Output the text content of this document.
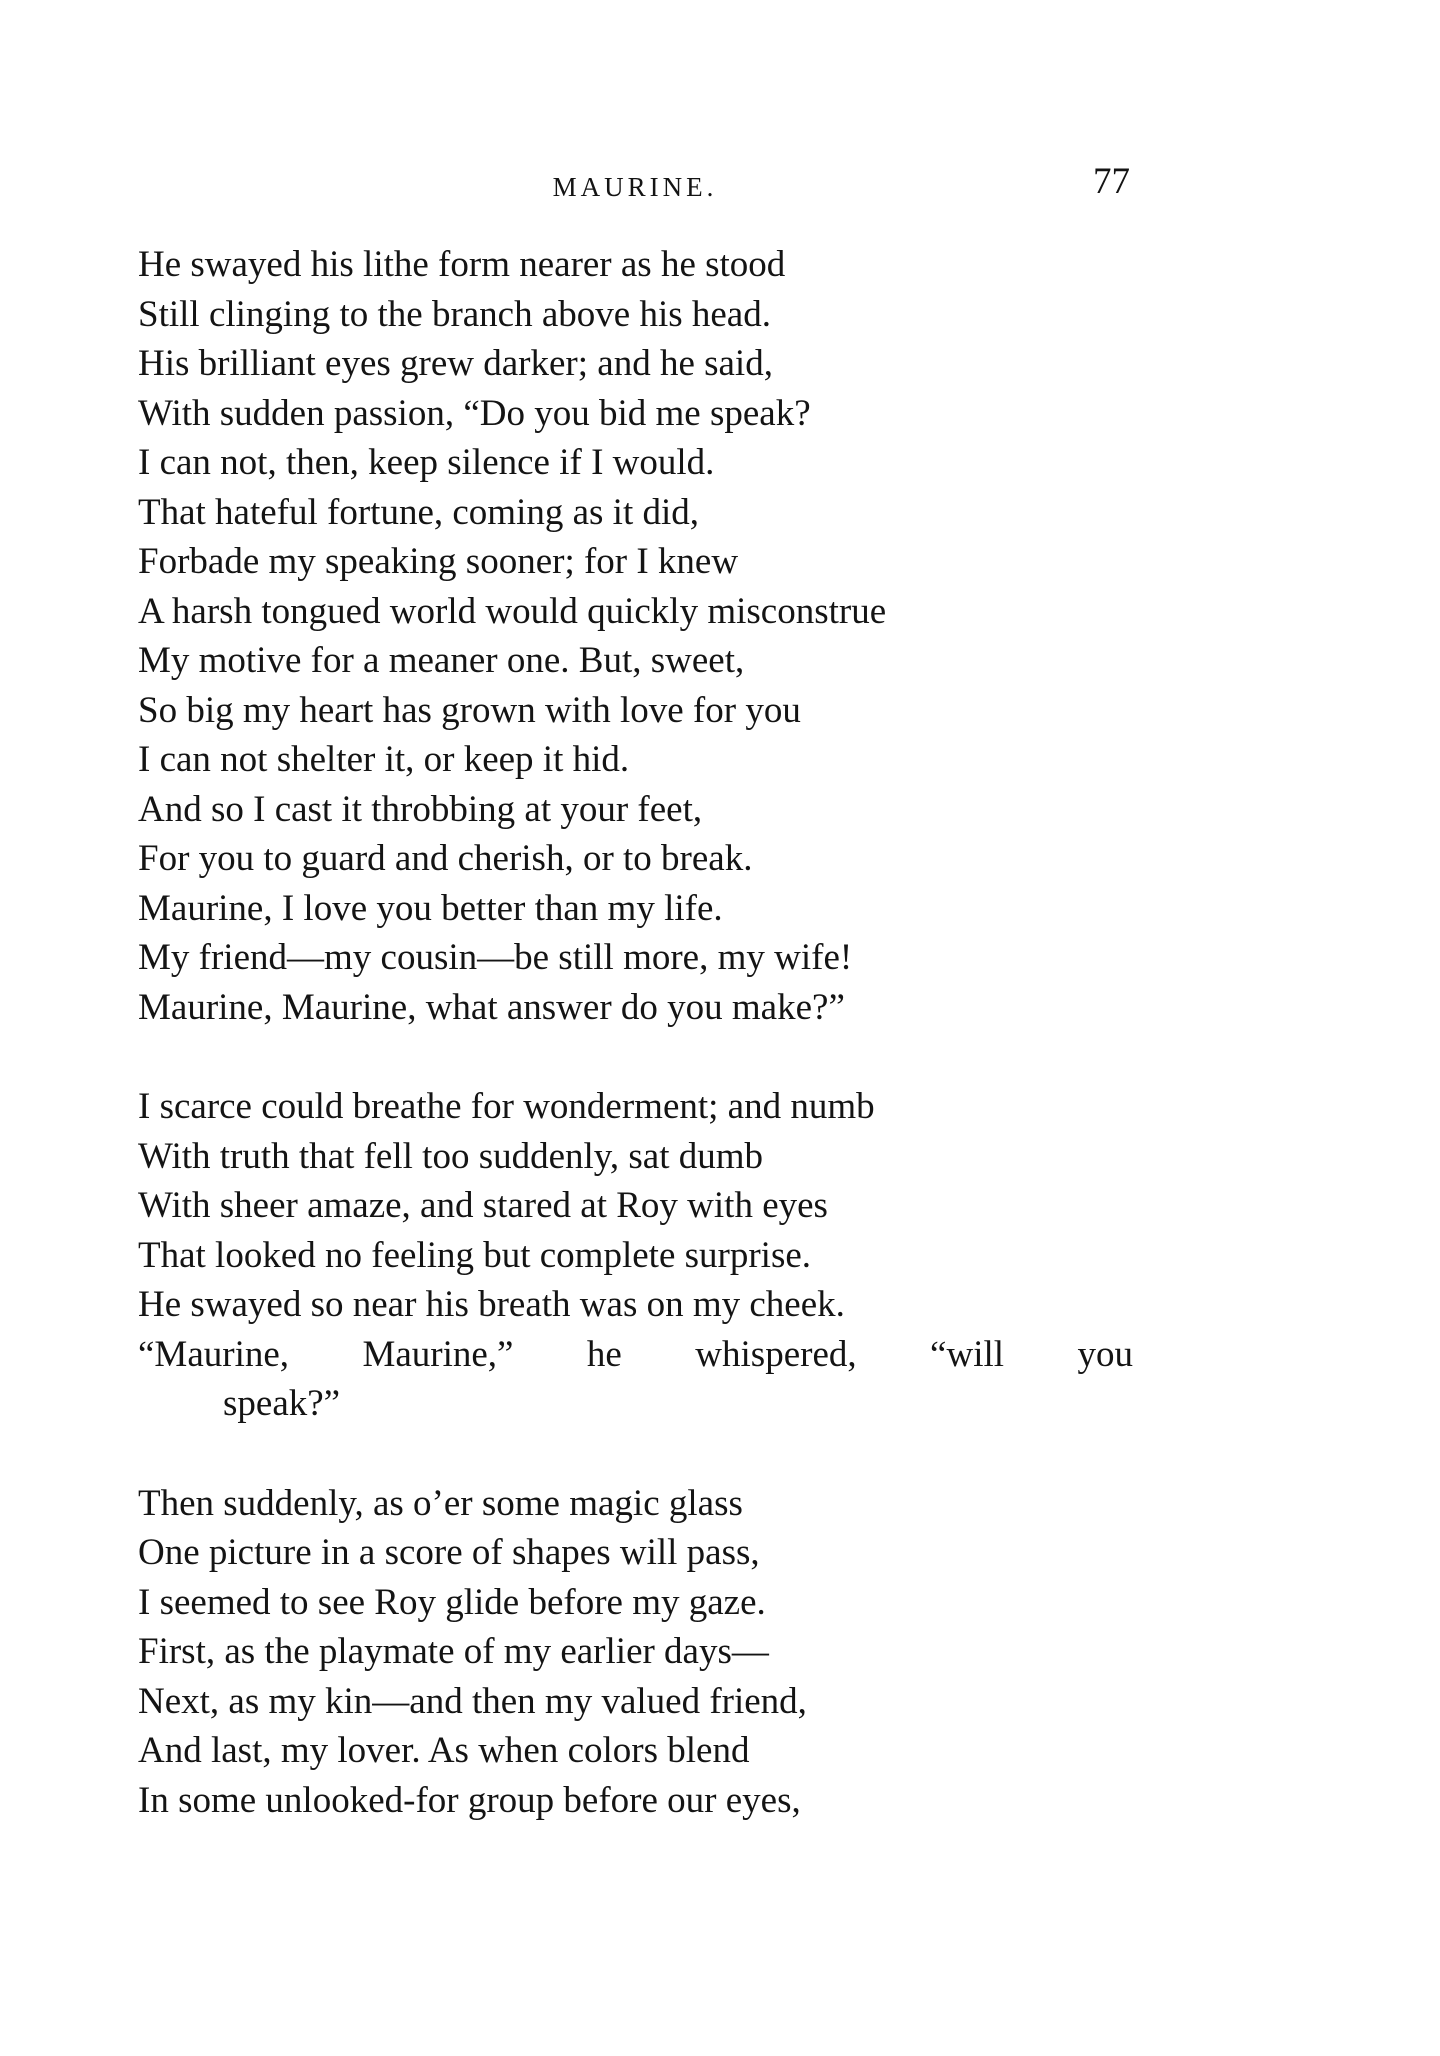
MAURINE.	77
He swayed his lithe form nearer as he stood
Still clinging to the branch above his head.
His brilliant eyes grew darker; and he said,
With sudden passion, “Do you bid me speak?
I can not, then, keep silence if I would.
That hateful fortune, coming as it did,
Forbade my speaking sooner; for I knew
A harsh tongued world would quickly misconstrue
My motive for a meaner one. But, sweet,
So big my heart has grown with love for you
I can not shelter it, or keep it hid.
And so I cast it throbbing at your feet,
For you to guard and cherish, or to break.
Maurine, I love you better than my life.
My friend—my cousin—be still more, my wife!
Maurine, Maurine, what answer do you make?”
I scarce could breathe for wonderment; and numb
With truth that fell too suddenly, sat dumb
With sheer amaze, and stared at Roy with eyes
That looked no feeling but complete surprise.
He swayed so near his breath was on my cheek.
“Maurine, Maurine,” he whispered, “will you
speak?”
Then suddenly, as o’er some magic glass
One picture in a score of shapes will pass,
I seemed to see Roy glide before my gaze.
First, as the playmate of my earlier days—
Next, as my kin—and then my valued friend,
And last, my lover. As when colors blend
In some unlooked-for group before our eyes,
